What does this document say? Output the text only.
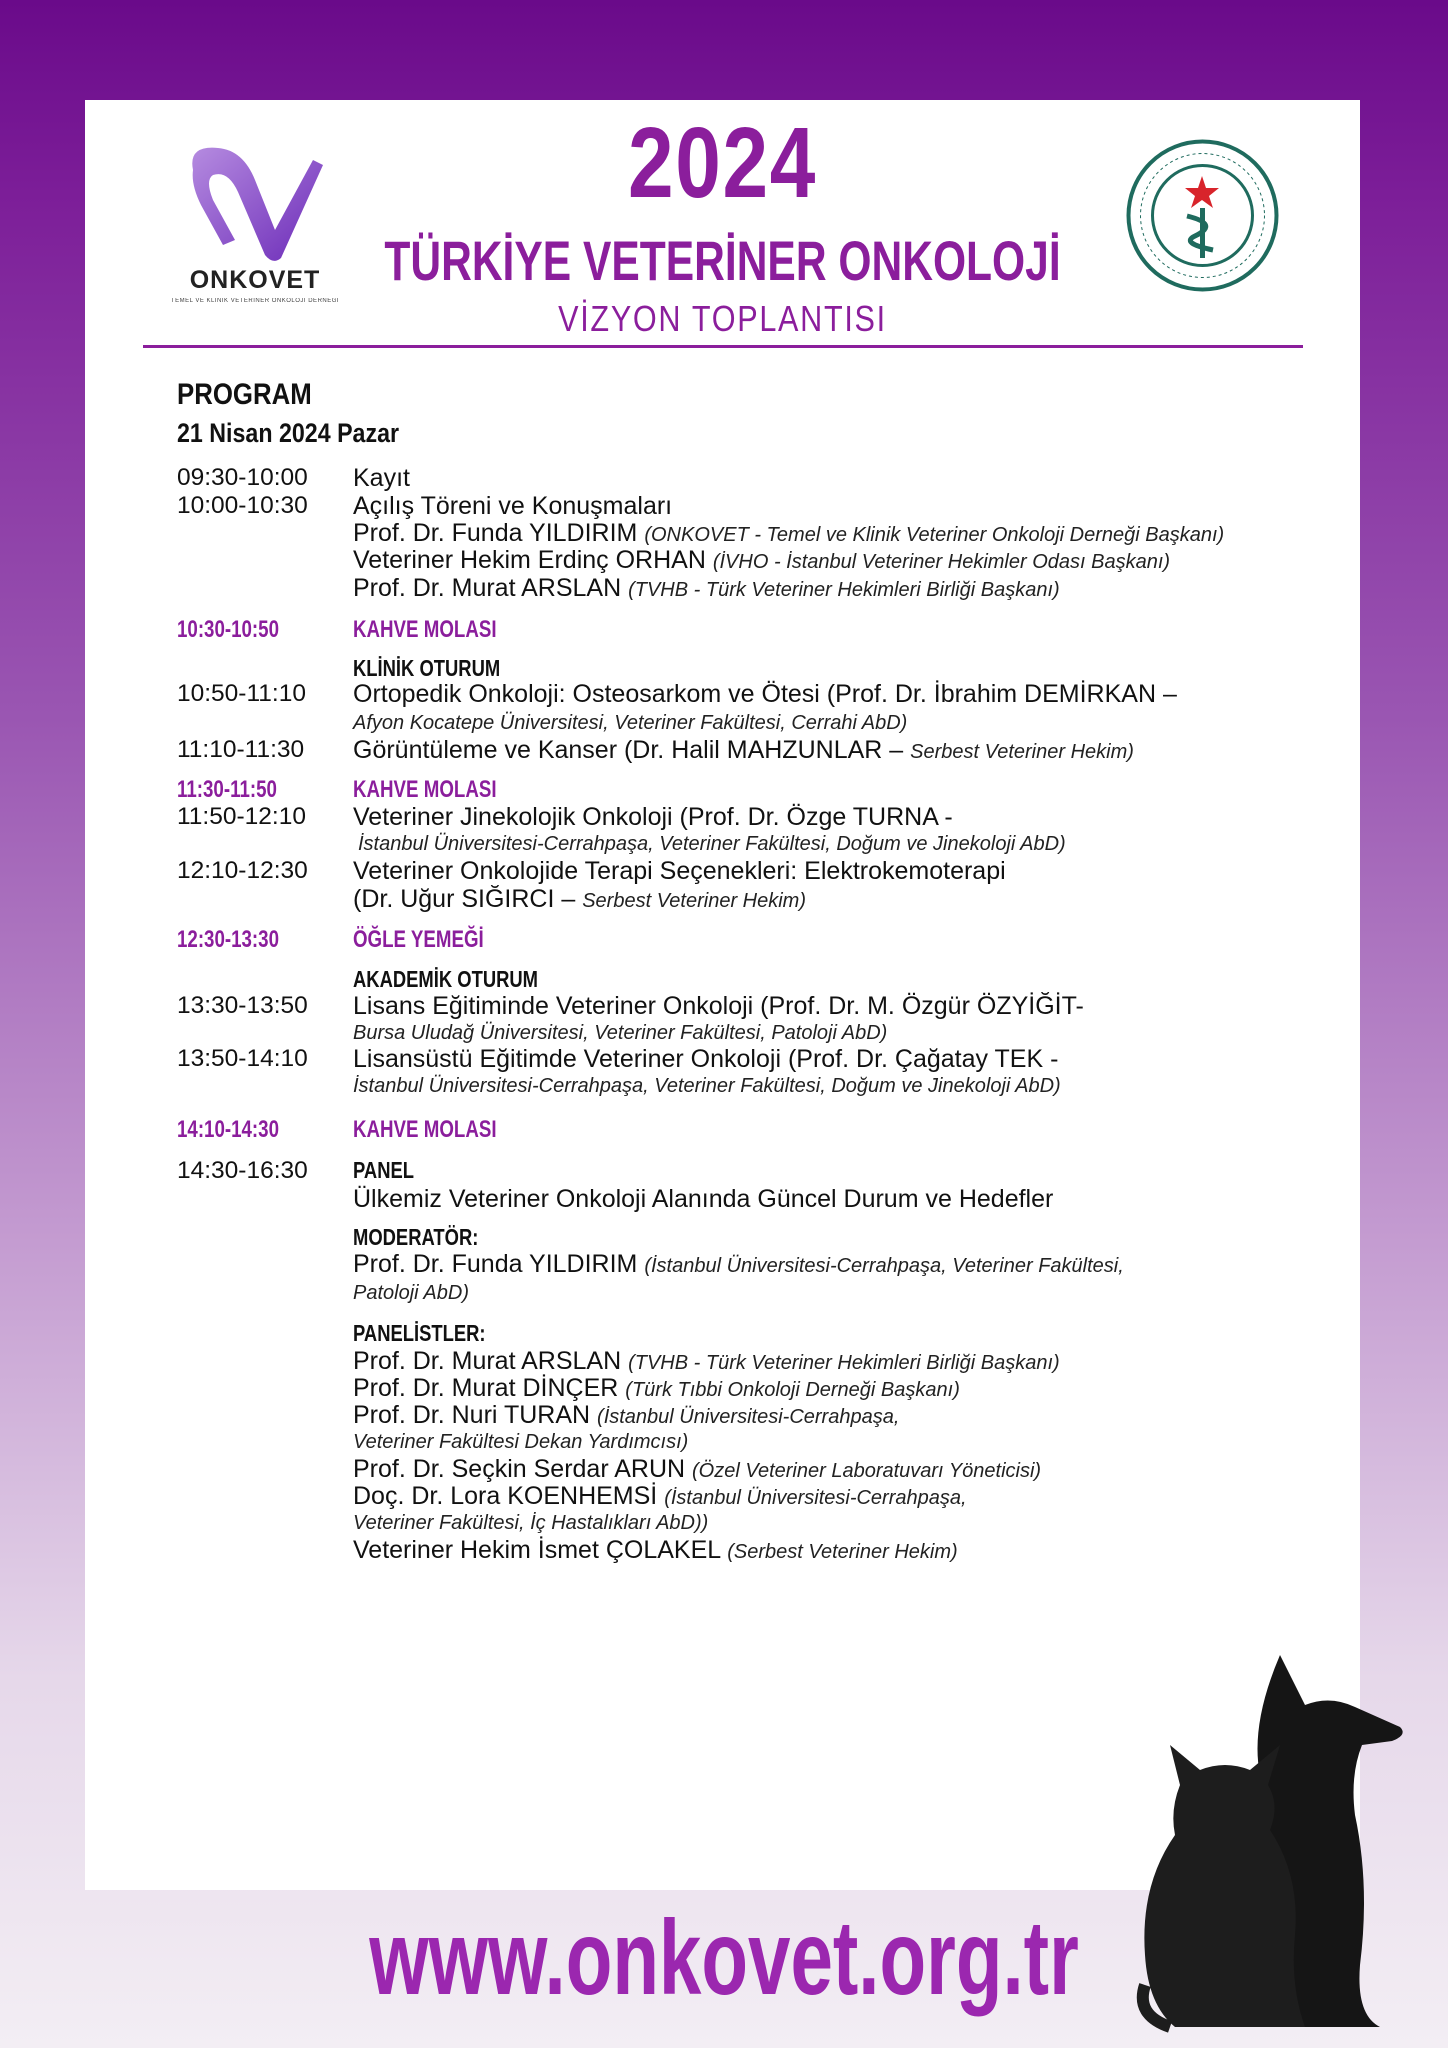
ONKOVET
TEMEL VE KLİNİK VETERİNER ONKOLOJİ DERNEĞİ
2024
TÜRKİYE VETERİNER ONKOLOJİ
VİZYON TOPLANTISI
PROGRAM
21 Nisan 2024 Pazar
09:30-10:00 Kayıt
10:00-10:30 Açılış Töreni ve Konuşmaları
Prof. Dr. Funda YILDIRIM (ONKOVET - Temel ve Klinik Veteriner Onkoloji Derneği Başkanı)
Veteriner Hekim Erdinç ORHAN (İVHO - İstanbul Veteriner Hekimler Odası Başkanı)
Prof. Dr. Murat ARSLAN (TVHB - Türk Veteriner Hekimleri Birliği Başkanı)
10:30-10:50	KAHVE MOLASI
KLİNİK OTURUM
10:50-11:10 Ortopedik Onkoloji: Osteosarkom ve Ötesi (Prof. Dr. İbrahim DEMİRKAN –
Afyon Kocatepe Üniversitesi, Veteriner Fakültesi, Cerrahi AbD)
11:10-11:30 Görüntüleme ve Kanser (Dr. Halil MAHZUNLAR – Serbest Veteriner Hekim)
11:30-11:50	KAHVE MOLASI
11:50-12:10 Veteriner Jinekolojik Onkoloji (Prof. Dr. Özge TURNA -
İstanbul Üniversitesi-Cerrahpaşa, Veteriner Fakültesi, Doğum ve Jinekoloji AbD)
12:10-12:30 Veteriner Onkolojide Terapi Seçenekleri: Elektrokemoterapi
(Dr. Uğur SIĞIRCI – Serbest Veteriner Hekim)
12:30-13:30	ÖĞLE YEMEĞİ
AKADEMİK OTURUM
13:30-13:50 Lisans Eğitiminde Veteriner Onkoloji (Prof. Dr. M. Özgür ÖZYİĞİT-
Bursa Uludağ Üniversitesi, Veteriner Fakültesi, Patoloji AbD)
13:50-14:10 Lisansüstü Eğitimde Veteriner Onkoloji (Prof. Dr. Çağatay TEK -
İstanbul Üniversitesi-Cerrahpaşa, Veteriner Fakültesi, Doğum ve Jinekoloji AbD)
14:10-14:30	KAHVE MOLASI
14:30-16:30 PANEL
Ülkemiz Veteriner Onkoloji Alanında Güncel Durum ve Hedefler
MODERATÖR:
Prof. Dr. Funda YILDIRIM (İstanbul Üniversitesi-Cerrahpaşa, Veteriner Fakültesi,
Patoloji AbD)
PANELİSTLER:
Prof. Dr. Murat ARSLAN (TVHB - Türk Veteriner Hekimleri Birliği Başkanı)
Prof. Dr. Murat DİNÇER (Türk Tıbbi Onkoloji Derneği Başkanı)
Prof. Dr. Nuri TURAN (İstanbul Üniversitesi-Cerrahpaşa,
Veteriner Fakültesi Dekan Yardımcısı)
Prof. Dr. Seçkin Serdar ARUN (Özel Veteriner Laboratuvarı Yöneticisi)
Doç. Dr. Lora KOENHEMSİ (İstanbul Üniversitesi-Cerrahpaşa,
Veteriner Fakültesi, İç Hastalıkları AbD))
Veteriner Hekim İsmet ÇOLAKEL (Serbest Veteriner Hekim)
www.onkovet.org.tr
